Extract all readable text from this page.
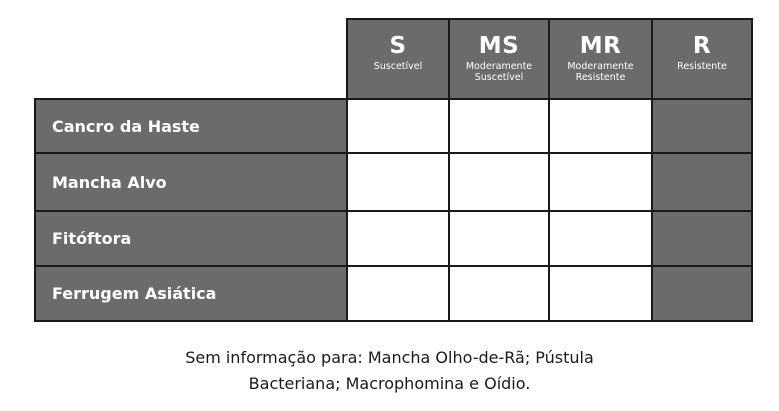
S
Suscetível
MS
Moderamente
Suscetível
MR
Moderamente
Resistente
R
Resistente
Cancro da Haste
Mancha Alvo
Fitóftora
Ferrugem Asiática
Sem informação para: Mancha Olho-de-Rã; Pústula
Bacteriana; Macrophomina e Oídio.
